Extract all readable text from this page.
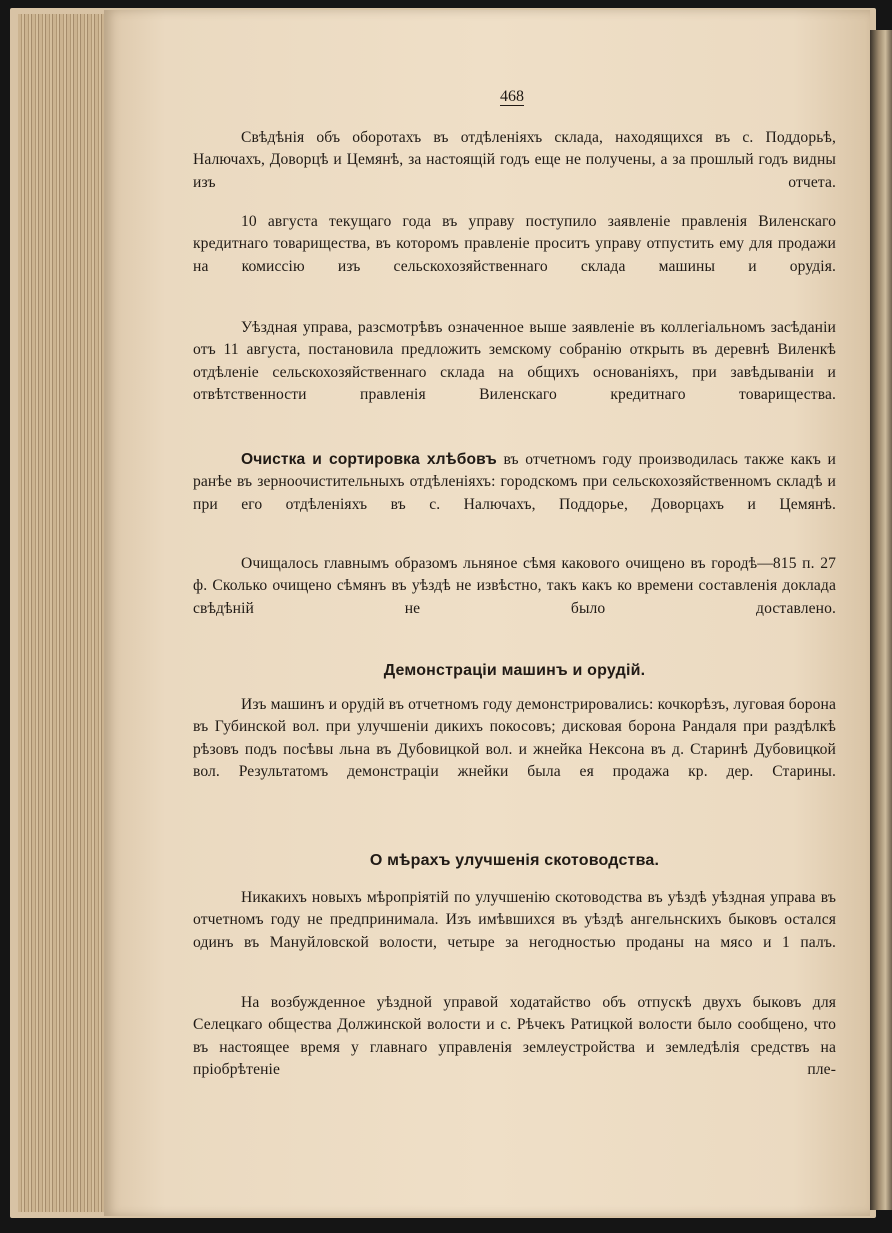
468

Свѣдѣнія объ оборотахъ въ отдѣленіяхъ склада, находящихся въ с. Поддорьѣ, Налючахъ, Доворцѣ и Цемянѣ, за настоящій годъ еще не получены, а за прошлый годъ видны изъ отчета.

10 августа текущаго года въ управу поступило заявленіе правленія Виленскаго кредитнаго товарищества, въ которомъ правленіе проситъ управу отпустить ему для продажи на комиссію изъ сельскохозяйственнаго склада машины и орудія.

Уѣздная управа, разсмотрѣвъ означенное выше заявленіе въ коллегіальномъ засѣданіи отъ 11 августа, постановила предложить земскому собранію открыть въ деревнѣ Виленкѣ отдѣленіе сельскохозяйственнаго склада на общихъ основаніяхъ, при завѣдываніи и отвѣтственности правленія Виленскаго кредитнаго товарищества.

Очистка и сортировка хлѣбовъ въ отчетномъ году производилась также какъ и ранѣе въ зерноочистительныхъ отдѣленіяхъ: городскомъ при сельскохозяйственномъ складѣ и при его отдѣленіяхъ въ с. Налючахъ, Поддорье, Доворцахъ и Цемянѣ.

Очищалось главнымъ образомъ льняное сѣмя какового очищено въ городѣ—815 п. 27 ф. Сколько очищено сѣмянъ въ уѣздѣ не извѣстно, такъ какъ ко времени составленія доклада свѣдѣній не было доставлено.

Демонстраціи машинъ и орудій.

Изъ машинъ и орудій въ отчетномъ году демонстрировались: кочкорѣзъ, луговая борона въ Губинской вол. при улучшеніи дикихъ покосовъ; дисковая борона Рандаля при раздѣлкѣ рѣзовъ подъ посѣвы льна въ Дубовицкой вол. и жнейка Нексона въ д. Старинѣ Дубовицкой вол. Результатомъ демонстраціи жнейки была ея продажа кр. дер. Старины.

О мѣрахъ улучшенія скотоводства.

Никакихъ новыхъ мѣропріятій по улучшенію скотоводства въ уѣздѣ уѣздная управа въ отчетномъ году не предпринимала. Изъ имѣвшихся въ уѣздѣ ангельнскихъ быковъ остался одинъ въ Мануйловской волости, четыре за негодностью проданы на мясо и 1 палъ.

На возбужденное уѣздной управой ходатайство объ отпускѣ двухъ быковъ для Селецкаго общества Должинской волости и с. Рѣчекъ Ратицкой волости было сообщено, что въ настоящее время у главнаго управленія землеустройства и земледѣлія средствъ на пріобрѣтеніе пле-
